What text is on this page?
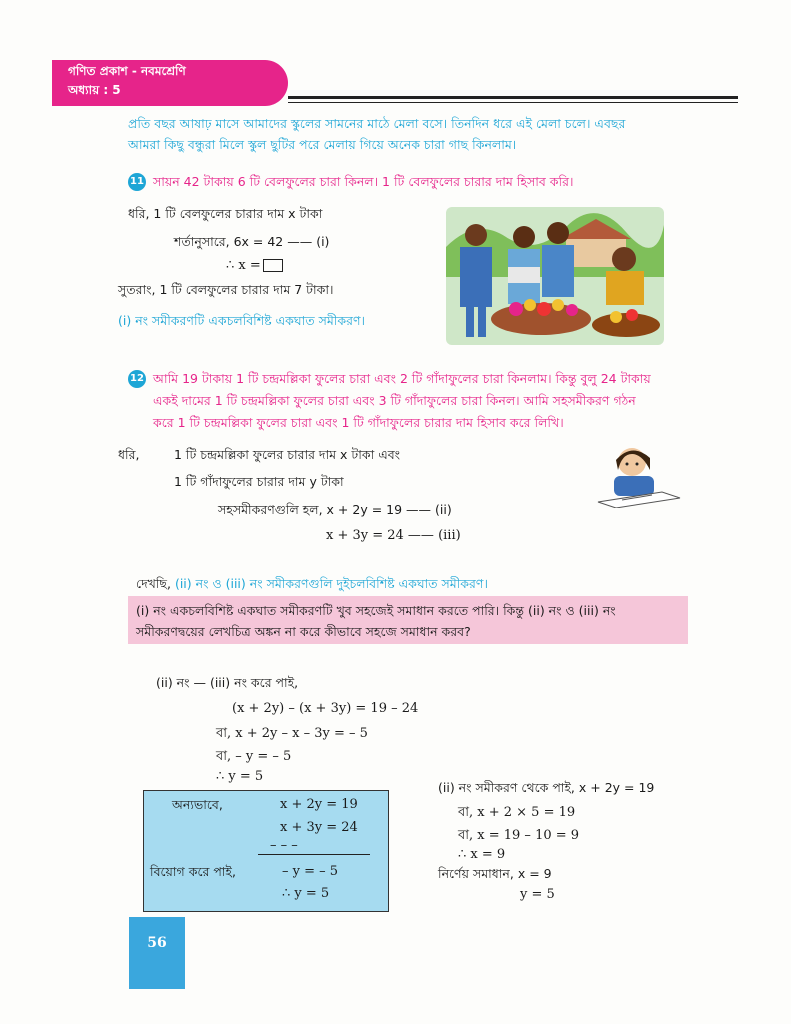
গণিত প্রকাশ - নবমশ্রেণি
অধ্যায় : 5
প্রতি বছর আষাঢ় মাসে আমাদের স্কুলের সামনের মাঠে মেলা বসে। তিনদিন ধরে এই মেলা চলে। এবছর
আমরা কিছু বন্ধুরা মিলে স্কুল ছুটির পরে মেলায় গিয়ে অনেক চারা গাছ কিনলাম।
11 সায়ন 42 টাকায় 6 টি বেলফুলের চারা কিনল। 1 টি বেলফুলের চারার দাম হিসাব করি।
ধরি, 1 টি বেলফুলের চারার দাম x টাকা
শর্তানুসারে, 6x = 42 —— (i)
∴ x =
সুতরাং, 1 টি বেলফুলের চারার দাম 7 টাকা।
(i) নং সমীকরণটি একচলবিশিষ্ট একঘাত সমীকরণ।
12 আমি 19 টাকায় 1 টি চন্দ্রমল্লিকা ফুলের চারা এবং 2 টি গাঁদাফুলের চারা কিনলাম। কিন্তু বুলু 24 টাকায়
একই দামের 1 টি চন্দ্রমল্লিকা ফুলের চারা এবং 3 টি গাঁদাফুলের চারা কিনল। আমি সহসমীকরণ গঠন
করে 1 টি চন্দ্রমল্লিকা ফুলের চারা এবং 1 টি গাঁদাফুলের চারার দাম হিসাব করে লিখি।
ধরি,	1 টি চন্দ্রমল্লিকা ফুলের চারার দাম x টাকা এবং
1 টি গাঁদাফুলের চারার দাম y টাকা
সহসমীকরণগুলি হল, x + 2y = 19 —— (ii)
x + 3y = 24 —— (iii)
দেখছি, (ii) নং ও (iii) নং সমীকরণগুলি দুইচলবিশিষ্ট একঘাত সমীকরণ।
(i) নং একচলবিশিষ্ট একঘাত সমীকরণটি খুব সহজেই সমাধান করতে পারি। কিন্তু (ii) নং ও (iii) নং
সমীকরণদ্বয়ের লেখচিত্র অঙ্কন না করে কীভাবে সহজে সমাধান করব?
(ii) নং — (iii) নং করে পাই,
(x + 2y) – (x + 3y) = 19 – 24
বা, x + 2y – x – 3y = – 5
বা, – y = – 5
∴ y = 5
অন্যভাবে,	x + 2y = 19
x + 3y = 24
– – –
বিয়োগ করে পাই,	– y = – 5
∴ y = 5
(ii) নং সমীকরণ থেকে পাই, x + 2y = 19
বা, x + 2 × 5 = 19
বা, x = 19 – 10 = 9
∴ x = 9
নির্ণেয় সমাধান, x = 9
y = 5
56
